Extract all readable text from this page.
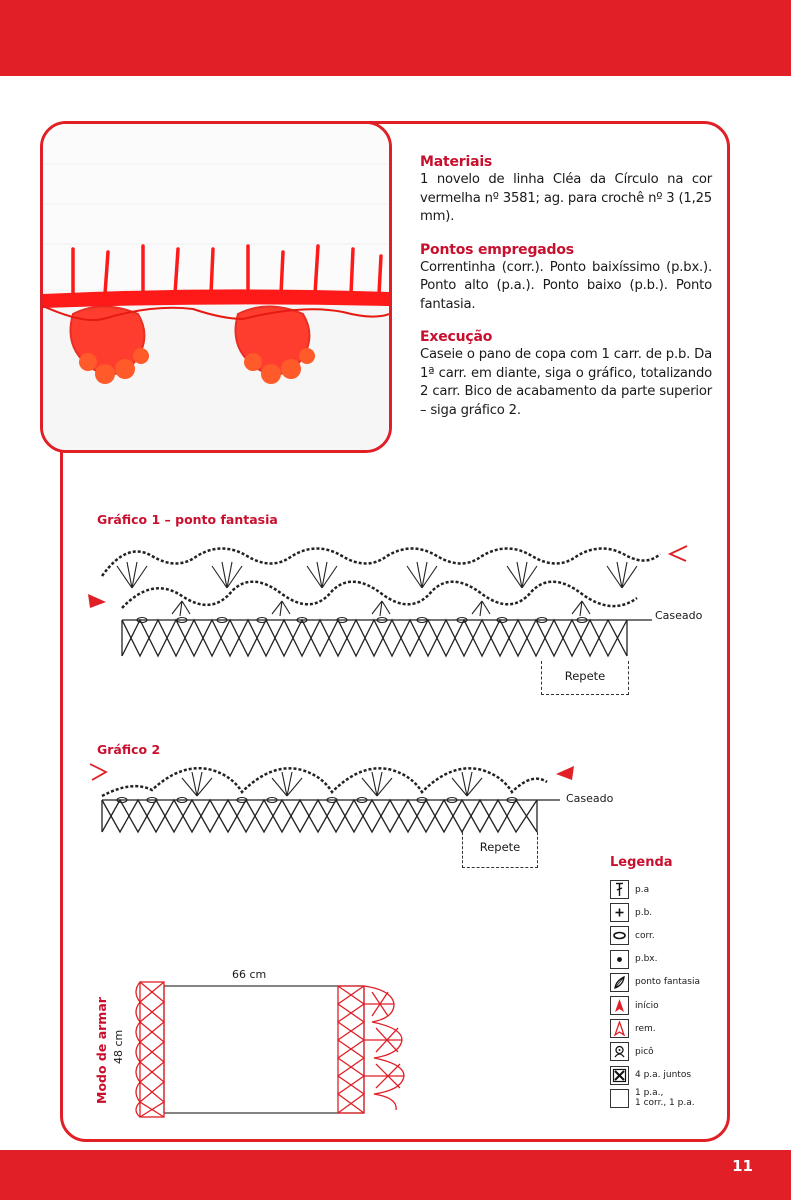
Materiais

1 novelo de linha Cléa da Círculo na cor vermelha nº 3581; ag. para crochê nº 3 (1,25 mm).

Pontos empregados

Correntinha (corr.). Ponto baixíssimo (p.bx.). Ponto alto (p.a.). Ponto baixo (p.b.). Ponto fantasia.

Execução

Caseie o pano de copa com 1 carr. de p.b. Da 1ª carr. em diante, siga o gráfico, totalizando 2 carr. Bico de acabamento da parte superior – siga gráfico 2.

Gráfico 1 – ponto fantasia
Caseado
Repete
Gráfico 2
Caseado
Repete
Legenda
p.a
p.b.
corr.
p.bx.
ponto fantasia
início
rem.
picô
4 p.a. juntos
1 p.a.,
1 corr., 1 p.a.
Modo de armar 48 cm
66 cm
11
